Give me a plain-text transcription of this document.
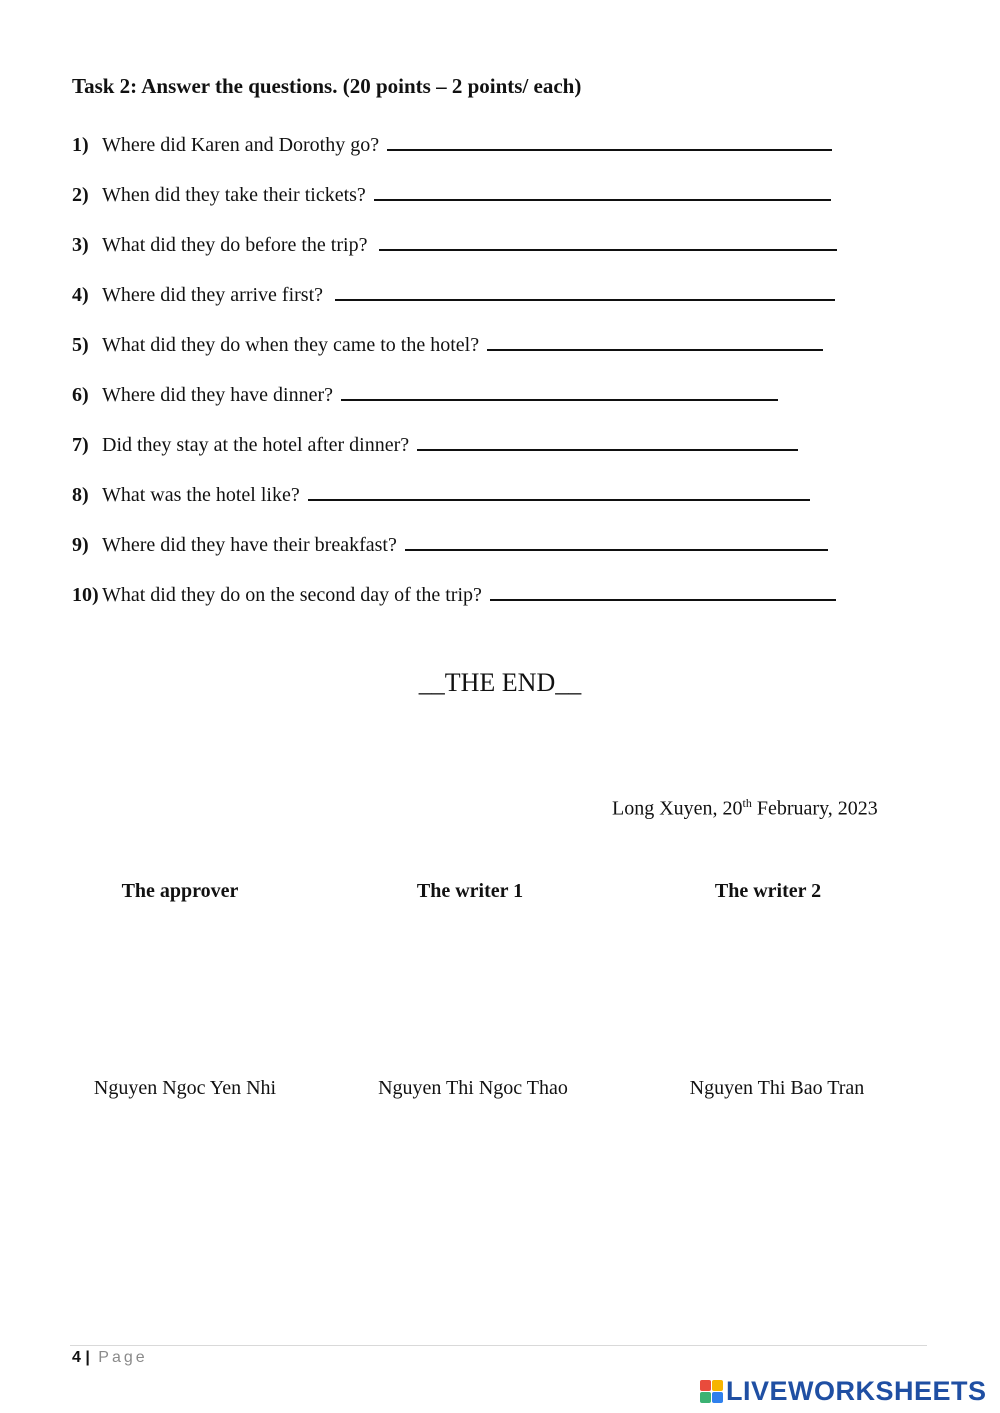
Task 2: Answer the questions. (20 points – 2 points/ each)
1) Where did Karen and Dorothy go?
2) When did they take their tickets?
3) What did they do before the trip?
4) Where did they arrive first?
5) What did they do when they came to the hotel?
6) Where did they have dinner?
7) Did they stay at the hotel after dinner?
8) What was the hotel like?
9) Where did they have their breakfast?
10) What did they do on the second day of the trip?
__THE END__
Long Xuyen, 20th February, 2023
The approver	The writer 1	The writer 2
Nguyen Ngoc Yen Nhi	Nguyen Thi Ngoc Thao	Nguyen Thi Bao Tran
4 | Page
LIVEWORKSHEETS
